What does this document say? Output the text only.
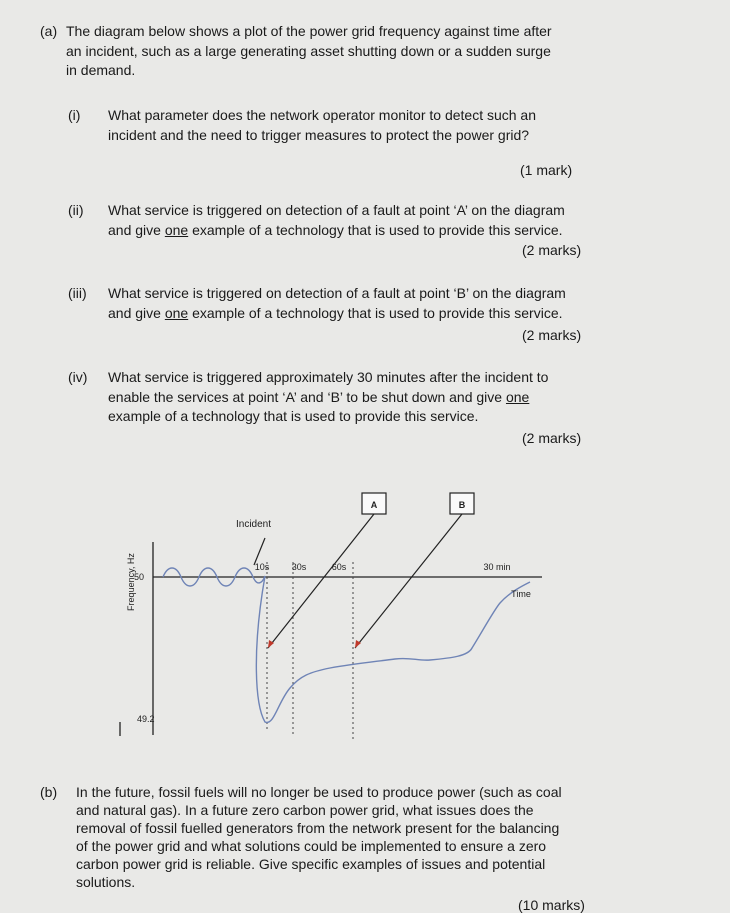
(a) The diagram below shows a plot of the power grid frequency against time after
an incident, such as a large generating asset shutting down or a sudden surge
in demand.
(i) What parameter does the network operator monitor to detect such an
incident and the need to trigger measures to protect the power grid?
(1 mark)
(ii) What service is triggered on detection of a fault at point ‘A’ on the diagram
and give one example of a technology that is used to provide this service.
(2 marks)
(iii) What service is triggered on detection of a fault at point ‘B’ on the diagram
and give one example of a technology that is used to provide this service.
(2 marks)
(iv) What service is triggered approximately 30 minutes after the incident to
enable the services at point ‘A’ and ‘B’ to be shut down and give one
example of a technology that is used to provide this service.
(2 marks)
A	B
Incident
Frequency, Hz
50
49.2
10s 30s	60s	30 min
Time
(b) In the future, fossil fuels will no longer be used to produce power (such as coal
and natural gas). In a future zero carbon power grid, what issues does the
removal of fossil fuelled generators from the network present for the balancing
of the power grid and what solutions could be implemented to ensure a zero
carbon power grid is reliable. Give specific examples of issues and potential
solutions.
(10 marks)
